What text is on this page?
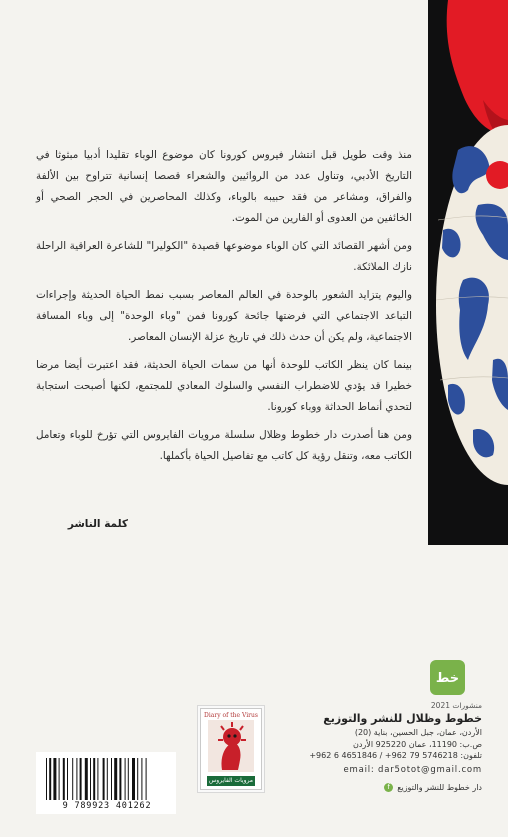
منذ وقت طويل قبل انتشار فيروس كورونا كان موضوع الوباء تقليدا أدبيا مبثوثا في التاريخ الأدبي، وتناول عدد من الروائيين والشعراء قصصا إنسانية تتراوح بين الألفة والفراق، ومشاعر من فقد حبيبه بالوباء، وكذلك المحاصرين في الحجر الصحي أو الخائفين من العدوى أو الفارين من الموت.

ومن أشهر القصائد التي كان الوباء موضوعها قصيدة "الكوليرا" للشاعرة العراقية الراحلة نازك الملائكة.

واليوم يتزايد الشعور بالوحدة في العالم المعاصر بسبب نمط الحياة الحديثة وإجراءات التباعد الاجتماعي التي فرضتها جائحة كورونا فمن "وباء الوحدة" إلى وباء المسافة الاجتماعية، ولم يكن أن حدث ذلك في تاريخ عزلة الإنسان المعاصر.

بينما كان ينظر الكاتب للوحدة أنها من سمات الحياة الحديثة، فقد اعتبرت أيضا مرضا خطيرا قد يؤدي للاضطراب النفسي والسلوك المعادي للمجتمع، لكنها أصبحت استجابة لتحدي أنماط الحداثة ووباء كورونا.

ومن هنا أصدرت دار خطوط وظلال سلسلة مرويات الفايروس التي تؤرخ للوباء وتعامل الكاتب معه، وتنقل رؤية كل كاتب مع تفاصيل الحياة بأكملها.

كلمة الناشر
خط
منشورات 2021
خطوط وظلال للنشر والتوزيع
الأردن، عمان، جبل الحسين، بناية (20)
ص.ب: 11190، عمان 925220 الأردن
تلفون: 5746218 79 962+ / 4651846 6 962+
email: dar5otot@gmail.com
دار خطوط للنشر والتوزيع
f
Diary of the Virus
مرويات الفايروس
9 789923 401262
